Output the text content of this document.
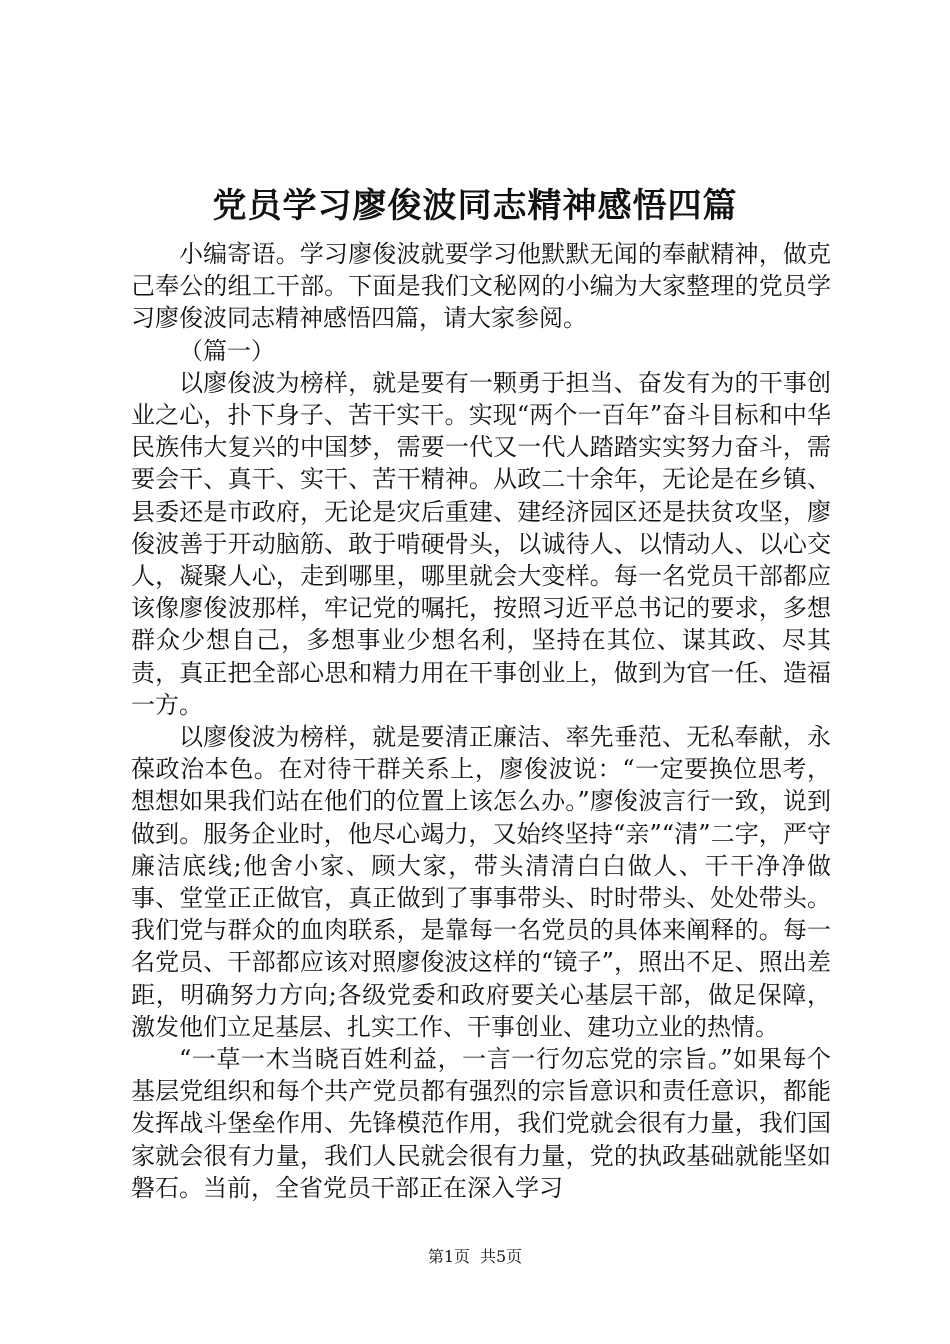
党员学习廖俊波同志精神感悟四篇

小编寄语。学习廖俊波就要学习他默默无闻的奉献精神，做克己奉公的组工干部。下面是我们文秘网的小编为大家整理的党员学习廖俊波同志精神感悟四篇，请大家参阅。

（篇一）

以廖俊波为榜样，就是要有一颗勇于担当、奋发有为的干事创业之心，扑下身子、苦干实干。实现“两个一百年”奋斗目标和中华民族伟大复兴的中国梦，需要一代又一代人踏踏实实努力奋斗，需要会干、真干、实干、苦干精神。从政二十余年，无论是在乡镇、县委还是市政府，无论是灾后重建、建经济园区还是扶贫攻坚，廖俊波善于开动脑筋、敢于啃硬骨头，以诚待人、以情动人、以心交人，凝聚人心，走到哪里，哪里就会大变样。每一名党员干部都应该像廖俊波那样，牢记党的嘱托，按照习近平总书记的要求，多想群众少想自己，多想事业少想名利，坚持在其位、谋其政、尽其责，真正把全部心思和精力用在干事创业上，做到为官一任、造福一方。

以廖俊波为榜样，就是要清正廉洁、率先垂范、无私奉献，永葆政治本色。在对待干群关系上，廖俊波说：“一定要换位思考，想想如果我们站在他们的位置上该怎么办。”廖俊波言行一致，说到做到。服务企业时，他尽心竭力，又始终坚持“亲”“清”二字，严守廉洁底线;他舍小家、顾大家，带头清清白白做人、干干净净做事、堂堂正正做官，真正做到了事事带头、时时带头、处处带头。我们党与群众的血肉联系，是靠每一名党员的具体来阐释的。每一名党员、干部都应该对照廖俊波这样的“镜子”，照出不足、照出差距，明确努力方向;各级党委和政府要关心基层干部，做足保障，激发他们立足基层、扎实工作、干事创业、建功立业的热情。

“一草一木当晓百姓利益，一言一行勿忘党的宗旨。”如果每个基层党组织和每个共产党员都有强烈的宗旨意识和责任意识，都能发挥战斗堡垒作用、先锋模范作用，我们党就会很有力量，我们国家就会很有力量，我们人民就会很有力量，党的执政基础就能坚如磐石。当前，全省党员干部正在深入学习

第1页 共5页
